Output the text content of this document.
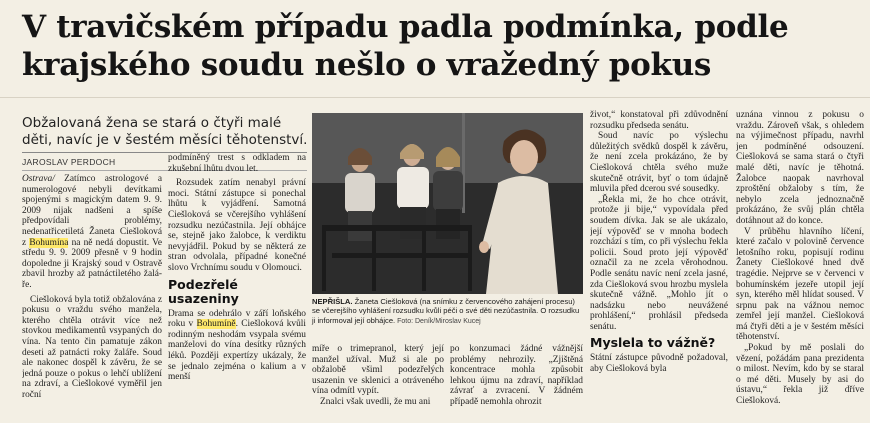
V travičském případu padla podmínka, podle
krajského soudu nešlo o vražedný pokus
Obžalovaná žena se stará o čtyři malé děti, navíc je v šestém měsíci těhotenství.
JAROSLAV PERDOCH

Ostrava/ Zatímco astrologové a numerologové nebyli devítkami spojenými s magickým datem 9. 9. 2009 nijak nadšeni a spíše předpovídali problémy, nedenatřicetiletá Žaneta Ciešloková z Bohumína na ně nedá dopustit. Ve středu 9. 9. 2009 přesně v 9 hodin dopoledne ji Krajský soud v Ostravě zbavil hrozby až patnáctiletého žalá-ře.

Ciešloková byla totiž obžalována z pokusu o vraždu svého manžela, kterého chtěla otrávit více než stovkou medikamentů vsypaných do vína. Na tento čin pamatuje zákon deseti až patnácti roky žaláře. Soud ale nakonec dospěl k závěru, že se jedná pouze o pokus o lehčí ublížení na zdraví, a Ciešlokové vyměřil jen roční

podmíněný trest s odkladem na zkušební lhůtu dvou let.

Rozsudek zatím nenabyl právní moci. Státní zástupce si ponechal lhůtu k vyjádření. Samotná Ciešloková se včerejšího vyhlášení rozsudku nezúčastnila. Její obhájce se, stejně jako žalobce, k verdiktu nevyjádřil. Pokud by se některá ze stran odvolala, případné konečné slovo Vrchnímu soudu v Olomouci.

Podezřelé usazeniny

Drama se odehrálo v září loňského roku v Bohumíně. Ciešloková kvůli rodinným neshodám vsypala svému manželovi do vína desítky různých léků. Později expertízy ukázaly, že se jednalo zejména o kalium a v menší

NEPŘIŠLA. Žaneta Ciešloková (na snímku z červencového zahájení procesu) se včerejšího vyhlášení rozsudku kvůli péči o své děti nezúčastnila. O rozsudku ji informoval její obhájce. Foto: Deník/Miroslav Kucej

míře o trimepranol, který její manžel užíval. Muž si ale po obžalobě všiml podezřelých usazenin ve sklenici a otráveného vína odmítl vypít.

Znalci však uvedli, že mu ani

po konzumaci žádné vážnější problémy nehrozily. „Zjištěná koncentrace mohla způsobit lehkou újmu na zdraví, například závrať a zvracení. V žádném případě nemohla ohrozit

život,“ konstatoval při zdůvodnění rozsudku předseda senátu.

Soud navíc po výslechu důležitých svědků dospěl k závěru, že není zcela prokázáno, že by Ciešloková chtěla svého muže skutečně otrávit, byť o tom údajně mluvila před dcerou své sousedky.

„Řekla mi, že ho chce otrávit, protože ji bije,“ vypovídala před soudem dívka. Jak se ale ukázalo, její výpověď se v mnoha bodech rozchází s tím, co při výslechu řekla policii. Soud proto její výpověď označil za ne zcela věrohodnou. Podle senátu navíc není zcela jasné, zda Ciešloková svou hrozbu myslela skutečně vážně. „Mohlo jít o nadsázku nebo neuvážené prohlášení,“ prohlásil předseda senátu.

Myslela to vážně?

Státní zástupce původně požadoval, aby Ciešloková byla

uznána vinnou z pokusu o vraždu. Zároveň však, s ohledem na výjimečnost případu, navrhl jen podmíněné odsouzení. Ciešloková se sama stará o čtyři malé děti, navíc je těhotná. Žalobce naopak navrhoval zproštění obžaloby s tím, že nebylo zcela jednoznačně prokázáno, že svůj plán chtěla dotáhnout až do konce.

V průběhu hlavního líčení, které začalo v polovině července letošního roku, popisují rodinu Žanety Ciešlokové hned dvě tragédie. Nejprve se v červenci v bohumínském jezeře utopil její syn, kterého měl hlídat soused. V srpnu pak na vážnou nemoc zemřel její manžel. Ciešloková má čtyři děti a je v šestém měsíci těhotenství.

„Pokud by mě poslali do vězení, požádám pana prezidenta o milost. Nevím, kdo by se staral o mé děti. Musely by asi do ústavu,“ řekla již dříve Ciešloková.
